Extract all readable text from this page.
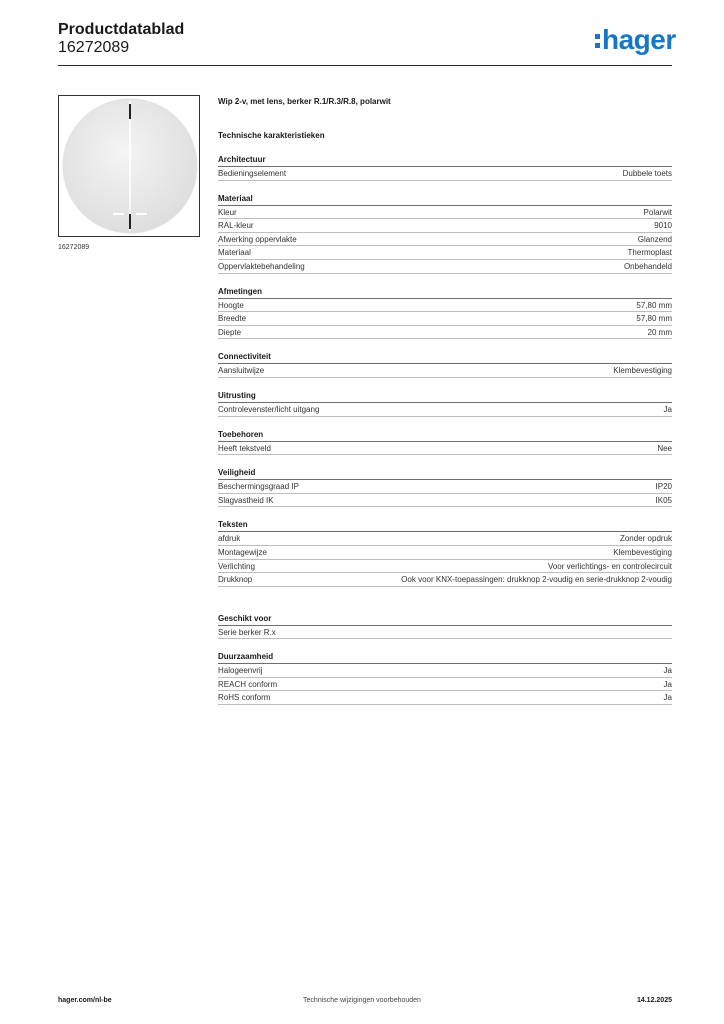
Productdatablad
16272089	hager
16272089
Wip 2-v, met lens, berker R.1/R.3/R.8, polarwit
Technische karakteristieken
Architectuur
Bedieningselement	Dubbele toets
Materiaal
Kleur	Polarwit
RAL-kleur	9010
Afwerking oppervlakte	Glanzend
Materiaal	Thermoplast
Oppervlaktebehandeling	Onbehandeld
Afmetingen
Hoogte	57,80 mm
Breedte	57,80 mm
Diepte	20 mm
Connectiviteit
Aansluitwijze	Klembevestiging
Uitrusting
Controlevenster/licht uitgang	Ja
Toebehoren
Heeft tekstveld	Nee
Veiligheid
Beschermingsgraad IP	IP20
Slagvastheid IK	IK05
Teksten
afdruk	Zonder opdruk
Montagewijze	Klembevestiging
Verlichting	Voor verlichtings- en controlecircuit
Drukknop	Ook voor KNX-toepassingen: drukknop 2-voudig en serie-drukknop 2-voudig
Geschikt voor
Serie berker R.x
Duurzaamheid
Halogeenvrij	Ja
REACH conform	Ja
RoHS conform	Ja
hager.com/nl-be	Technische wijzigingen voorbehouden	14.12.2025
